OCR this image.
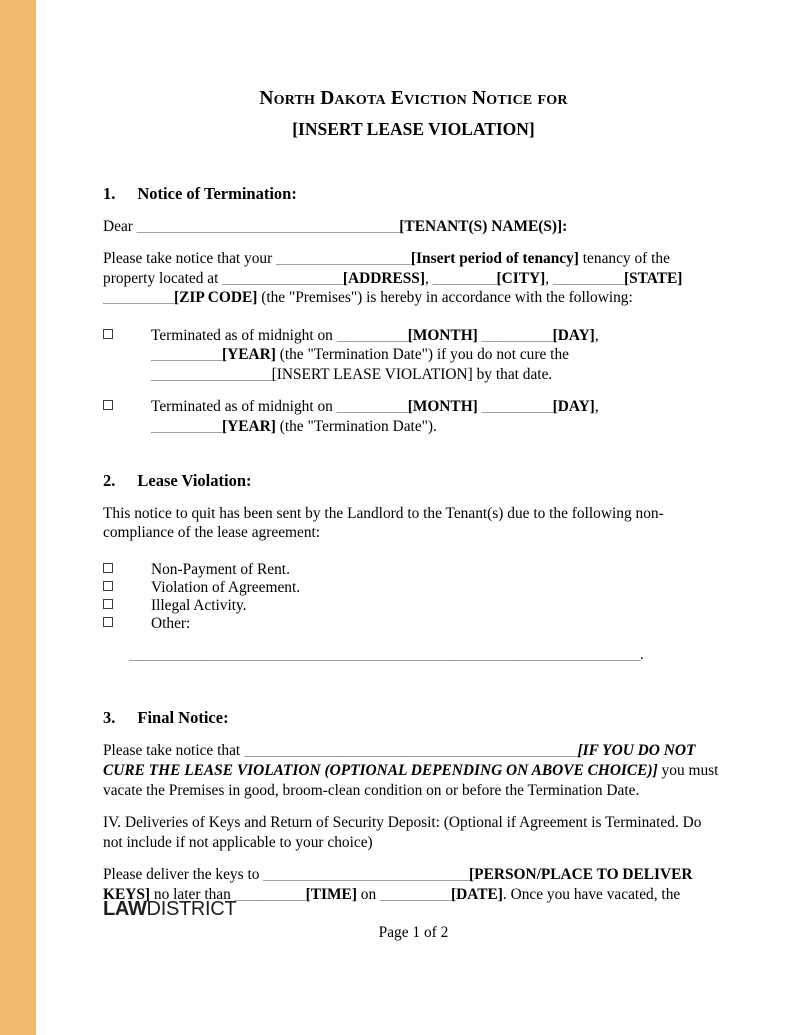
North Dakota Eviction Notice for
[INSERT LEASE VIOLATION]
1. Notice of Termination:
Dear _____________________________________[TENANT(S) NAME(S)]:
Please take notice that your ___________________[Insert period of tenancy] tenancy of the property located at _________________[ADDRESS], _________[CITY], __________[STATE] __________[ZIP CODE] (the "Premises") is hereby in accordance with the following:
Terminated as of midnight on __________[MONTH] __________[DAY], __________[YEAR] (the "Termination Date") if you do not cure the _________________[INSERT LEASE VIOLATION] by that date.
Terminated as of midnight on __________[MONTH] __________[DAY], __________[YEAR] (the "Termination Date").
2. Lease Violation:
This notice to quit has been sent by the Landlord to the Tenant(s) due to the following non-compliance of the lease agreement:
Non-Payment of Rent.
Violation of Agreement.
Illegal Activity.
Other:
________________________________________________________________________.
3. Final Notice:
Please take notice that _______________________________________________[IF YOU DO NOT CURE THE LEASE VIOLATION (OPTIONAL DEPENDING ON ABOVE CHOICE)] you must vacate the Premises in good, broom-clean condition on or before the Termination Date.
IV. Deliveries of Keys and Return of Security Deposit: (Optional if Agreement is Terminated. Do not include if not applicable to your choice)
Please deliver the keys to _____________________________[PERSON/PLACE TO DELIVER KEYS] no later than __________[TIME] on __________[DATE]. Once you have vacated, the
LAWDISTRICT
Page 1 of 2
